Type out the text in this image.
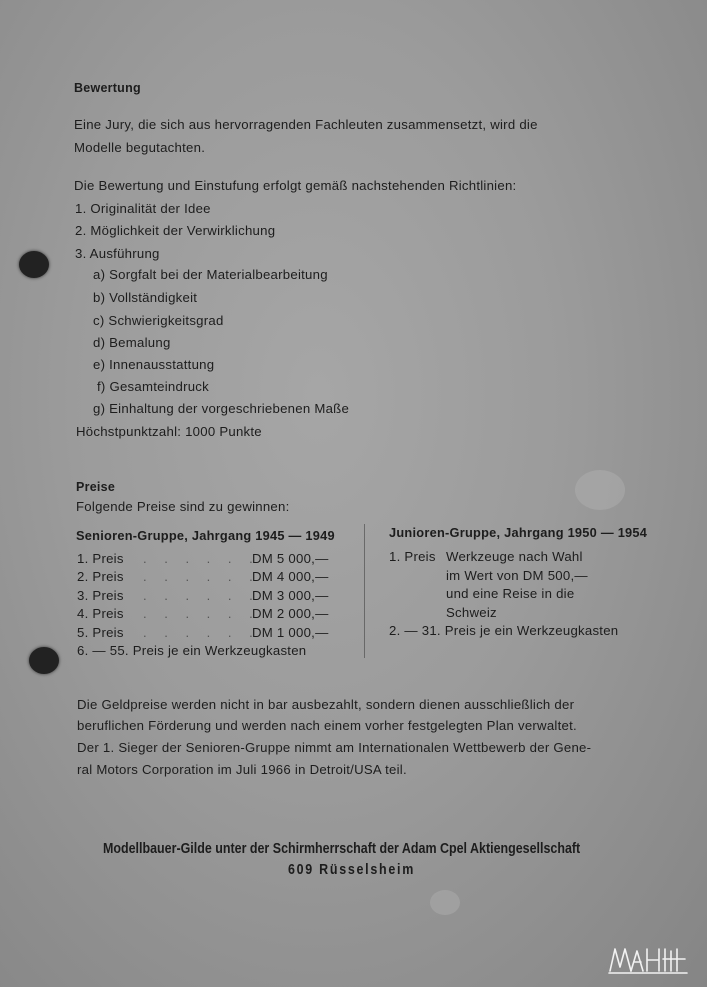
Bewertung
Eine Jury, die sich aus hervorragenden Fachleuten zusammensetzt, wird die
Modelle begutachten.
Die Bewertung und Einstufung erfolgt gemäß nachstehenden Richtlinien:
1. Originalität der Idee
2. Möglichkeit der Verwirklichung
3. Ausführung
a) Sorgfalt bei der Materialbearbeitung
b) Vollständigkeit
c) Schwierigkeitsgrad
d) Bemalung
e) Innenausstattung
f) Gesamteindruck
g) Einhaltung der vorgeschriebenen Maße
Höchstpunktzahl: 1000 Punkte
Preise
Folgende Preise sind zu gewinnen:
Senioren-Gruppe, Jahrgang 1945 — 1949
1. Preis . . . . . .
DM 5 000,—
2. Preis . . . . . .
DM 4 000,—
3. Preis . . . . . .
DM 3 000,—
4. Preis . . . . . .
DM 2 000,—
5. Preis . . . . . .
DM 1 000,—
6. — 55. Preis je ein Werkzeugkasten
Junioren-Gruppe, Jahrgang 1950 — 1954
1. Preis Werkzeuge nach Wahl
im Wert von DM 500,—
und eine Reise in die
Schweiz
2. — 31. Preis je ein Werkzeugkasten
Die Geldpreise werden nicht in bar ausbezahlt, sondern dienen ausschließlich der
beruflichen Förderung und werden nach einem vorher festgelegten Plan verwaltet.
Der 1. Sieger der Senioren-Gruppe nimmt am Internationalen Wettbewerb der Gene-
ral Motors Corporation im Juli 1966 in Detroit/USA teil.
Modellbauer-Gilde unter der Schirmherrschaft der Adam Cpel Aktiengesellschaft
609 Rüsselsheim
